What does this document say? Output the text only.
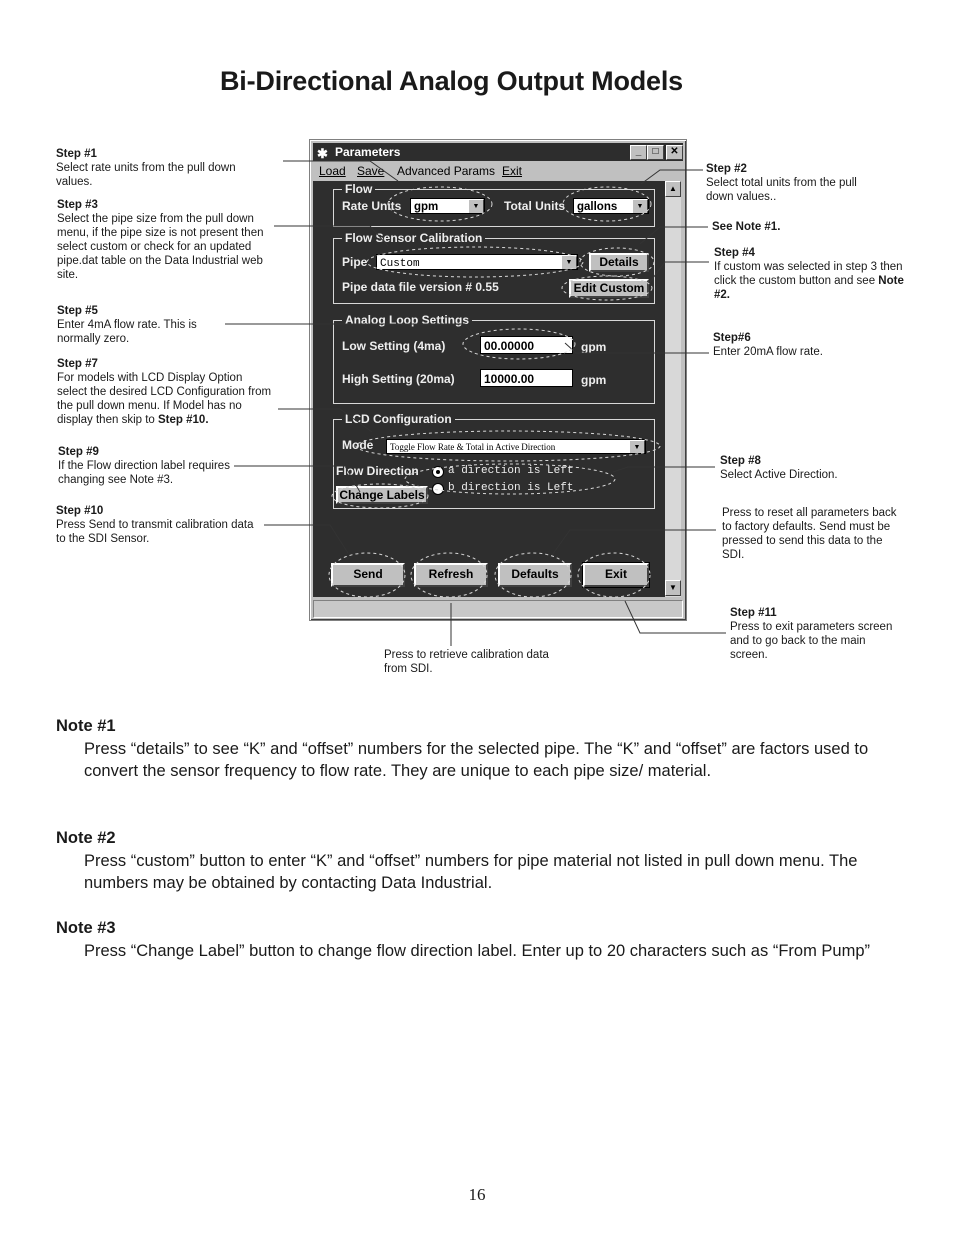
Bi-Directional Analog Output Models
Step #1
Select rate units from the pull down values.
Step #3
Select the pipe size from the pull down menu, if the pipe size is not present then select custom or check for an updated pipe.dat table on the Data Industrial web site.
Step #5
Enter 4mA flow rate. This is normally zero.
Step #7
For models with LCD Display Option select the desired LCD Configuration from the pull down menu. If Model has no display then skip to Step #10.
Step #9
If the Flow direction label requires changing see Note #3.
Step #10
Press Send to transmit calibration data to the SDI Sensor.
Step #2
Select total units from the pull down values..
See Note #1.
Step #4
If custom was selected in step 3 then click the custom button and see Note #2.
Step#6
Enter 20mA flow rate.
Step #8
Select Active Direction.
Press to reset all parameters back to factory defaults. Send must be pressed to send this data to the SDI.
Step #11
Press to exit parameters screen and to go back to the main screen.
Press to retrieve calibration data from SDI.
✱ Parameters	_	□	✕
Load Save Advanced Params Exit
Flow
Rate Units	gpm	▼	Total Units	gallons	▼
Flow Sensor Calibration
Pipe	Custom	▼	Details
Pipe data file version # 0.55	Edit Custom
Analog Loop Settings
Low Setting (4ma)	00.00000	gpm
High Setting (20ma)	10000.00	gpm
LCD Configuration
Mode	Toggle Flow Rate & Total in Active Direction	▼
Flow Direction	a direction is Left
b direction is Left
Change Labels
Send	Refresh	Defaults	Exit
▲
▼
Note #1
Press “details” to see “K” and “offset” numbers for the selected pipe. The “K” and “offset” are factors used to convert the sensor frequency to flow rate. They are unique to each pipe size/ material.
Note #2
Press “custom” button to enter “K” and “offset” numbers for pipe material not listed in pull down menu. The numbers may be obtained by contacting Data Industrial.
Note #3
Press “Change Label” button to change flow direction label. Enter up to 20 characters such as “From Pump”
16
